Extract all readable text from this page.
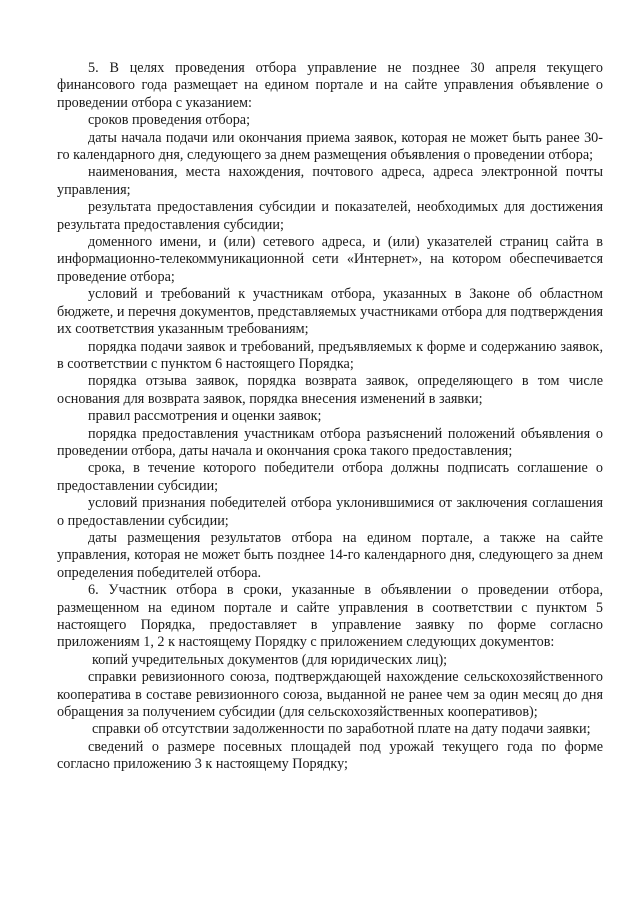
5. В целях проведения отбора управление не позднее 30 апреля текущего финансового года размещает на едином портале и на сайте управления объявление о проведении отбора с указанием:

сроков проведения отбора;

даты начала подачи или окончания приема заявок, которая не может быть ранее 30-го календарного дня, следующего за днем размещения объявления о проведении отбора;

наименования, места нахождения, почтового адреса, адреса электронной почты управления;

результата предоставления субсидии и показателей, необходимых для достижения результата предоставления субсидии;

доменного имени, и (или) сетевого адреса, и (или) указателей страниц сайта в информационно-телекоммуникационной сети «Интернет», на котором обеспечивается проведение отбора;

условий и требований к участникам отбора, указанных в Законе об областном бюджете, и перечня документов, представляемых участниками отбора для подтверждения их соответствия указанным требованиям;

порядка подачи заявок и требований, предъявляемых к форме и содержанию заявок, в соответствии с пунктом 6 настоящего Порядка;

порядка отзыва заявок, порядка возврата заявок, определяющего в том числе основания для возврата заявок, порядка внесения изменений в заявки;

правил рассмотрения и оценки заявок;

порядка предоставления участникам отбора разъяснений положений объявления о проведении отбора, даты начала и окончания срока такого предоставления;

срока, в течение которого победители отбора должны подписать соглашение о предоставлении субсидии;

условий признания победителей отбора уклонившимися от заключения соглашения о предоставлении субсидии;

даты размещения результатов отбора на едином портале, а также на сайте управления, которая не может быть позднее 14-го календарного дня, следующего за днем определения победителей отбора.

6. Участник отбора в сроки, указанные в объявлении о проведении отбора, размещенном на едином портале и сайте управления в соответствии с пунктом 5 настоящего Порядка, предоставляет в управление заявку по форме согласно приложениям 1, 2 к настоящему Порядку с приложением следующих документов:

копий учредительных документов (для юридических лиц);

справки ревизионного союза, подтверждающей нахождение сельскохозяйственного кооператива в составе ревизионного союза, выданной не ранее чем за один месяц до дня обращения за получением субсидии (для сельскохозяйственных кооперативов);

справки об отсутствии задолженности по заработной плате на дату подачи заявки;

сведений о размере посевных площадей под урожай текущего года по форме согласно приложению 3 к настоящему Порядку;
